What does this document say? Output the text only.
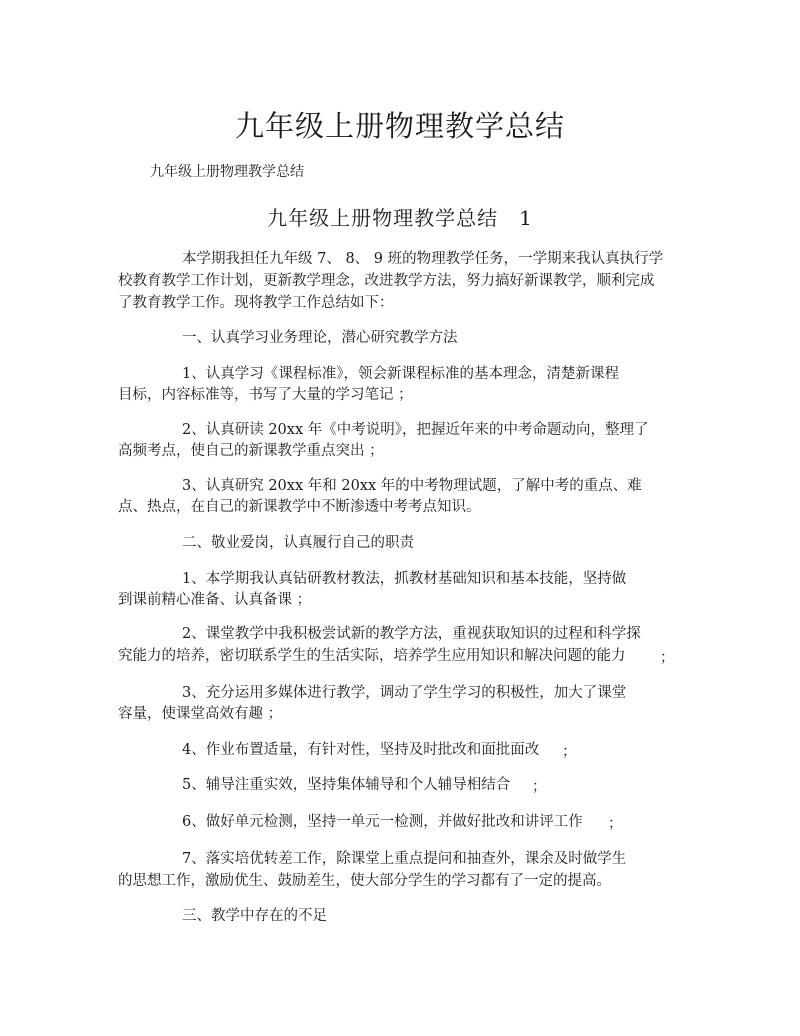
九年级上册物理教学总结
九年级上册物理教学总结
九年级上册物理教学总结　1
本学期我担任九年级 7、 8、 9 班的物理教学任务，一学期来我认真执行学
校教育教学工作计划，更新教学理念，改进教学方法，努力搞好新课教学，顺利完成
了教育教学工作。现将教学工作总结如下：
一、认真学习业务理论，潜心研究教学方法
1、认真学习《课程标准》，领会新课程标准的基本理念，清楚新课程
目标，内容标准等，书写了大量的学习笔记 ；
2、认真研读 20xx 年《中考说明》，把握近年来的中考命题动向，整理了
高频考点，使自己的新课教学重点突出 ；
3、认真研究 20xx 年和 20xx 年的中考物理试题，了解中考的重点、难
点、热点，在自己的新课教学中不断渗透中考考点知识。
二、敬业爱岗，认真履行自己的职责
1、本学期我认真钻研教材教法，抓教材基础知识和基本技能，坚持做
到课前精心准备、认真备课 ；
2、课堂教学中我积极尝试新的教学方法，重视获取知识的过程和科学探
究能力的培养，密切联系学生的生活实际，培养学生应用知识和解决问题的能力 ；
3、充分运用多媒体进行教学，调动了学生学习的积极性，加大了课堂
容量，使课堂高效有趣 ；
4、作业布置适量，有针对性，坚持及时批改和面批面改 ；
5、辅导注重实效，坚持集体辅导和个人辅导相结合 ；
6、做好单元检测，坚持一单元一检测，并做好批改和讲评工作 ；
7、落实培优转差工作，除课堂上重点提问和抽查外，课余及时做学生
的思想工作，激励优生、鼓励差生，使大部分学生的学习都有了一定的提高。
三、教学中存在的不足
